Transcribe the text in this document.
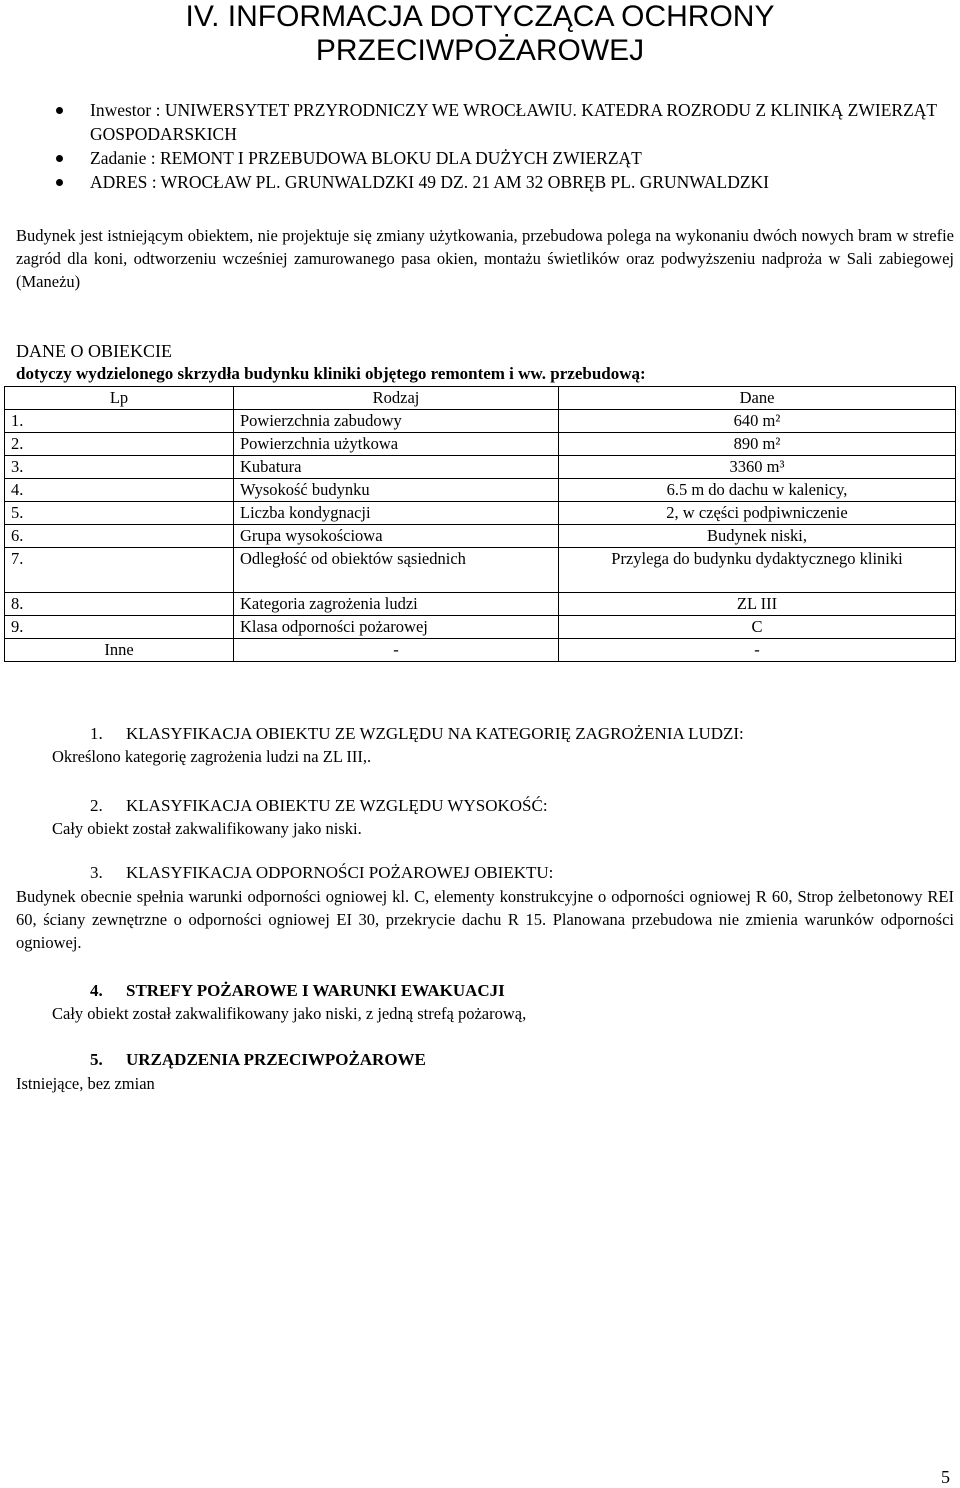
IV. INFORMACJA DOTYCZĄCA OCHRONY
PRZECIWPOŻAROWEJ
Inwestor : UNIWERSYTET PRZYRODNICZY WE WROCŁAWIU. KATEDRA ROZRODU Z KLINIKĄ ZWIERZĄT GOSPODARSKICH
Zadanie : REMONT I PRZEBUDOWA BLOKU DLA DUŻYCH ZWIERZĄT
ADRES : WROCŁAW PL. GRUNWALDZKI 49 DZ. 21 AM 32 OBRĘB PL. GRUNWALDZKI

Budynek jest istniejącym obiektem, nie projektuje się zmiany użytkowania, przebudowa polega na wykonaniu dwóch nowych bram w strefie zagród dla koni, odtworzeniu wcześniej zamurowanego pasa okien, montażu świetlików oraz podwyższeniu nadproża w Sali zabiegowej (Maneżu)

DANE O OBIEKCIE
dotyczy wydzielonego skrzydła budynku kliniki objętego remontem i ww. przebudową:
Lp	Rodzaj	Dane
1.	Powierzchnia zabudowy	640 m²
2.	Powierzchnia użytkowa	890 m²
3.	Kubatura	3360 m³
4.	Wysokość budynku	6.5 m do dachu w kalenicy,
5.	Liczba kondygnacji	2, w części podpiwniczenie
6.	Grupa wysokościowa	Budynek niski,
7.	Odległość od obiektów sąsiednich	Przylega do budynku dydaktycznego kliniki
8.	Kategoria zagrożenia ludzi	ZL III
9.	Klasa odporności pożarowej	C
Inne	-	-
1. KLASYFIKACJA OBIEKTU ZE WZGLĘDU NA KATEGORIĘ ZAGROŻENIA LUDZI:

Określono kategorię zagrożenia ludzi na ZL III,.

2. KLASYFIKACJA OBIEKTU ZE WZGLĘDU WYSOKOŚĆ:

Cały obiekt został zakwalifikowany jako niski.

3. KLASYFIKACJA ODPORNOŚCI POŻAROWEJ OBIEKTU:

Budynek obecnie spełnia warunki odporności ogniowej kl. C, elementy konstrukcyjne o odporności ogniowej R 60, Strop żelbetonowy REI 60, ściany zewnętrzne o odporności ogniowej EI 30, przekrycie dachu R 15. Planowana przebudowa nie zmienia warunków odporności ogniowej.

4. STREFY POŻAROWE I WARUNKI EWAKUACJI

Cały obiekt został zakwalifikowany jako niski, z jedną strefą pożarową,

5. URZĄDZENIA PRZECIWPOŻAROWE

Istniejące, bez zmian

5
